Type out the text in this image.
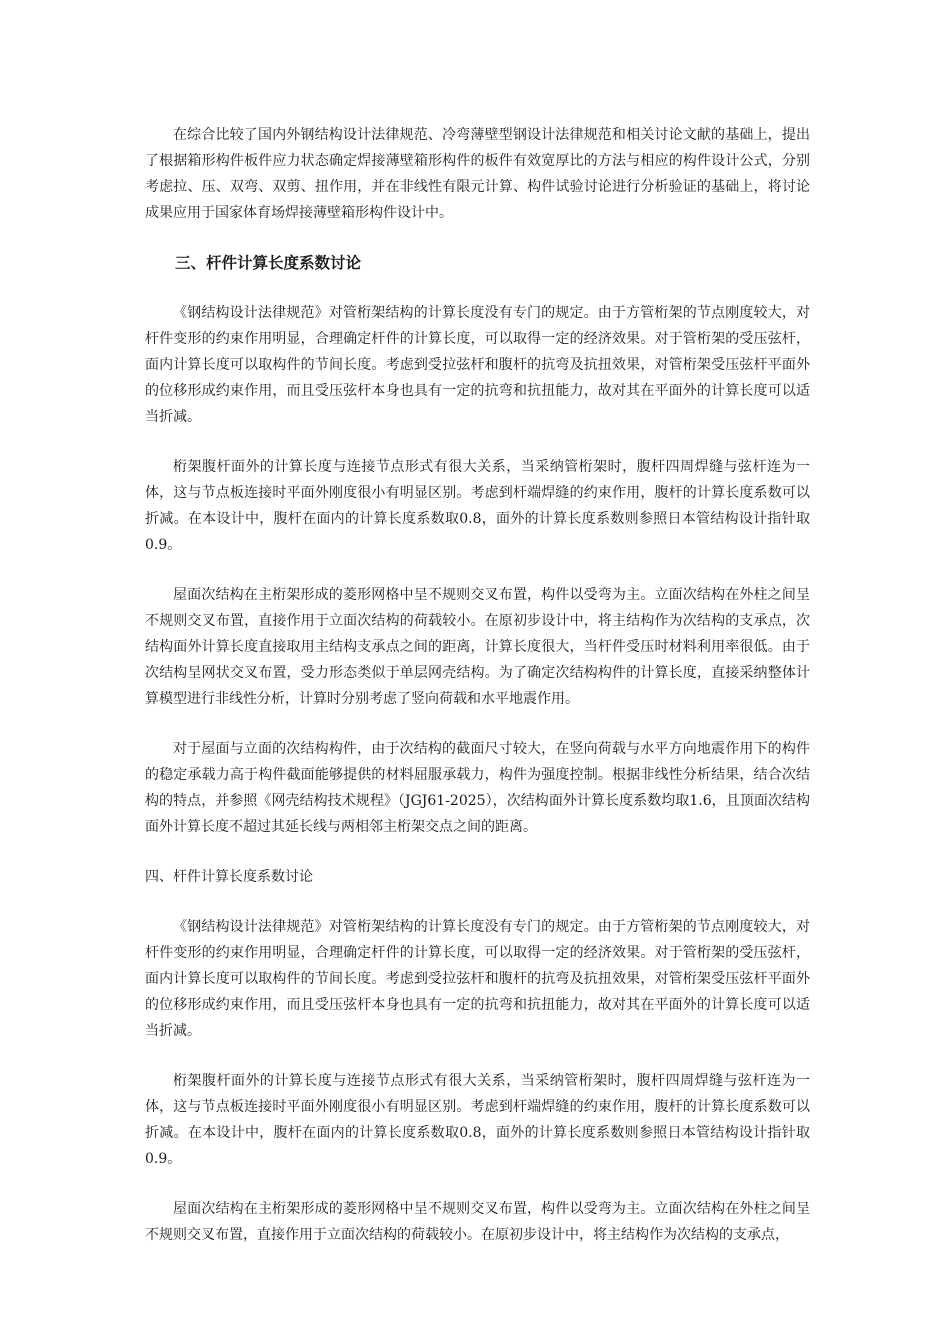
在综合比较了国内外钢结构设计法律规范、冷弯薄壁型钢设计法律规范和相关讨论文献的基础上，提出了根据箱形构件板件应力状态确定焊接薄壁箱形构件的板件有效宽厚比的方法与相应的构件设计公式，分别考虑拉、压、双弯、双剪、扭作用，并在非线性有限元计算、构件试验讨论进行分析验证的基础上，将讨论成果应用于国家体育场焊接薄壁箱形构件设计中。

三、杆件计算长度系数讨论

《钢结构设计法律规范》对管桁架结构的计算长度没有专门的规定。由于方管桁架的节点刚度较大，对杆件变形的约束作用明显，合理确定杆件的计算长度，可以取得一定的经济效果。对于管桁架的受压弦杆，面内计算长度可以取构件的节间长度。考虑到受拉弦杆和腹杆的抗弯及抗扭效果，对管桁架受压弦杆平面外的位移形成约束作用，而且受压弦杆本身也具有一定的抗弯和抗扭能力，故对其在平面外的计算长度可以适当折减。

桁架腹杆面外的计算长度与连接节点形式有很大关系，当采纳管桁架时，腹杆四周焊缝与弦杆连为一体，这与节点板连接时平面外刚度很小有明显区别。考虑到杆端焊缝的约束作用，腹杆的计算长度系数可以折减。在本设计中，腹杆在面内的计算长度系数取0.8，面外的计算长度系数则参照日本管结构设计指针取0.9。

屋面次结构在主桁架形成的菱形网格中呈不规则交叉布置，构件以受弯为主。立面次结构在外柱之间呈不规则交叉布置，直接作用于立面次结构的荷载较小。在原初步设计中，将主结构作为次结构的支承点，次结构面外计算长度直接取用主结构支承点之间的距离，计算长度很大，当杆件受压时材料利用率很低。由于次结构呈网状交叉布置，受力形态类似于单层网壳结构。为了确定次结构构件的计算长度，直接采纳整体计算模型进行非线性分析，计算时分别考虑了竖向荷载和水平地震作用。

对于屋面与立面的次结构构件，由于次结构的截面尺寸较大，在竖向荷载与水平方向地震作用下的构件的稳定承载力高于构件截面能够提供的材料屈服承载力，构件为强度控制。根据非线性分析结果，结合次结构的特点，并参照《网壳结构技术规程》（JGJ61-2025），次结构面外计算长度系数均取1.6，且顶面次结构面外计算长度不超过其延长线与两相邻主桁架交点之间的距离。

四、杆件计算长度系数讨论

《钢结构设计法律规范》对管桁架结构的计算长度没有专门的规定。由于方管桁架的节点刚度较大，对杆件变形的约束作用明显，合理确定杆件的计算长度，可以取得一定的经济效果。对于管桁架的受压弦杆，面内计算长度可以取构件的节间长度。考虑到受拉弦杆和腹杆的抗弯及抗扭效果，对管桁架受压弦杆平面外的位移形成约束作用，而且受压弦杆本身也具有一定的抗弯和抗扭能力，故对其在平面外的计算长度可以适当折减。

桁架腹杆面外的计算长度与连接节点形式有很大关系，当采纳管桁架时，腹杆四周焊缝与弦杆连为一体，这与节点板连接时平面外刚度很小有明显区别。考虑到杆端焊缝的约束作用，腹杆的计算长度系数可以折减。在本设计中，腹杆在面内的计算长度系数取0.8，面外的计算长度系数则参照日本管结构设计指针取0.9。

屋面次结构在主桁架形成的菱形网格中呈不规则交叉布置，构件以受弯为主。立面次结构在外柱之间呈不规则交叉布置，直接作用于立面次结构的荷载较小。在原初步设计中，将主结构作为次结构的支承点，
